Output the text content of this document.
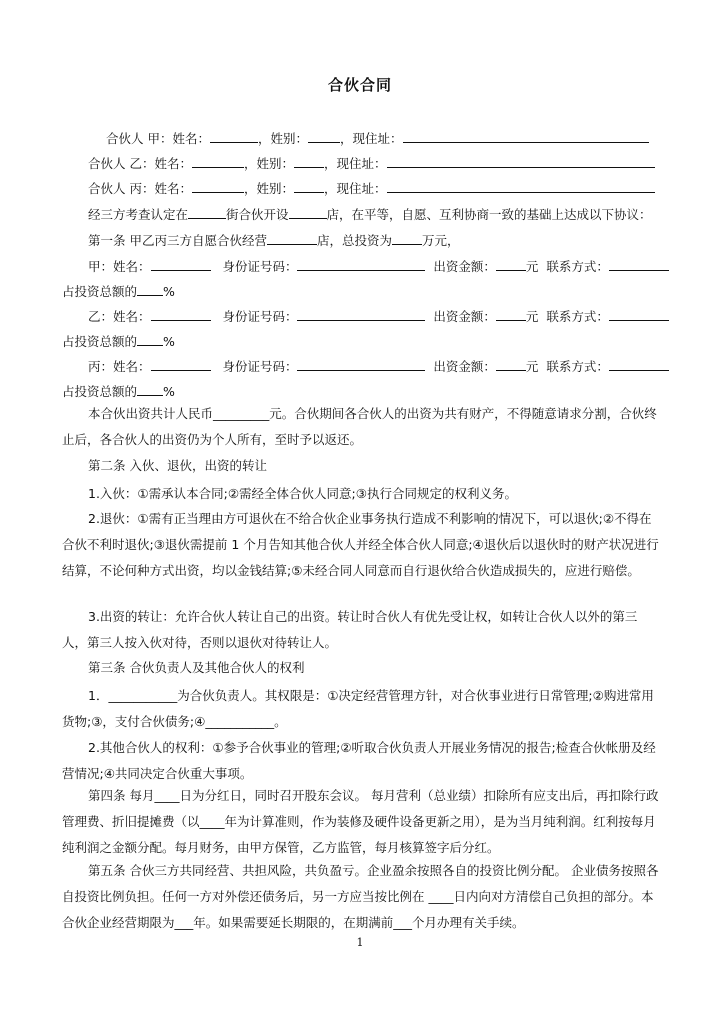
合伙合同
合伙人 甲：姓名：	，姓别：	，现住址：
合伙人 乙：姓名：	，姓别： ，现住址：
合伙人 丙：姓名：	，姓别： ，现住址：
经三方考查认定在	街合伙开设	店，在平等，自愿、互利协商一致的基础上达成以下协议：
第一条 甲乙丙三方自愿合伙经营	店，总投资为 万元，
甲：姓名：	身份证号码：	出资金额： 元 联系方式：
占投资总额的 %
乙：姓名：	身份证号码：	出资金额： 元 联系方式：
占投资总额的 %
丙：姓名：	身份证号码：	出资金额： 元 联系方式：
占投资总额的 %
本合伙出资共计人民币_________元。合伙期间各合伙人的出资为共有财产，不得随意请求分割，合伙终止后，各合伙人的出资仍为个人所有，至时予以返还。
第二条 入伙、退伙，出资的转让
1.入伙：①需承认本合同;②需经全体合伙人同意;③执行合同规定的权利义务。
2.退伙：①需有正当理由方可退伙在不给合伙企业事务执行造成不利影响的情况下，可以退伙;②不得在合伙不利时退伙;③退伙需提前 1 个月告知其他合伙人并经全体合伙人同意;④退伙后以退伙时的财产状况进行结算，不论何种方式出资，均以金钱结算;⑤未经合同人同意而自行退伙给合伙造成损失的，应进行赔偿。
3.出资的转让：允许合伙人转让自己的出资。转让时合伙人有优先受让权，如转让合伙人以外的第三人，第三人按入伙对待，否则以退伙对待转让人。
第三条 合伙负责人及其他合伙人的权利
1．___________为合伙负责人。其权限是：①决定经营管理方针，对合伙事业进行日常管理;②购进常用货物;③，支付合伙债务;④___________。
2.其他合伙人的权利：①参予合伙事业的管理;②听取合伙负责人开展业务情况的报告;检查合伙帐册及经营情况;④共同决定合伙重大事项。
第四条 每月____日为分红日，同时召开股东会议。 每月营利（总业绩）扣除所有应支出后，再扣除行政管理费、折旧提摊费（以____年为计算准则，作为装修及硬件设备更新之用），是为当月纯利润。红利按每月纯利润之金额分配。每月财务，由甲方保管，乙方监管，每月核算签字后分红。
第五条 合伙三方共同经营、共担风险，共负盈亏。企业盈余按照各自的投资比例分配。 企业债务按照各自投资比例负担。任何一方对外偿还债务后，另一方应当按比例在 ____日内向对方清偿自己负担的部分。本合伙企业经营期限为___年。如果需要延长期限的，在期满前___个月办理有关手续。
1
